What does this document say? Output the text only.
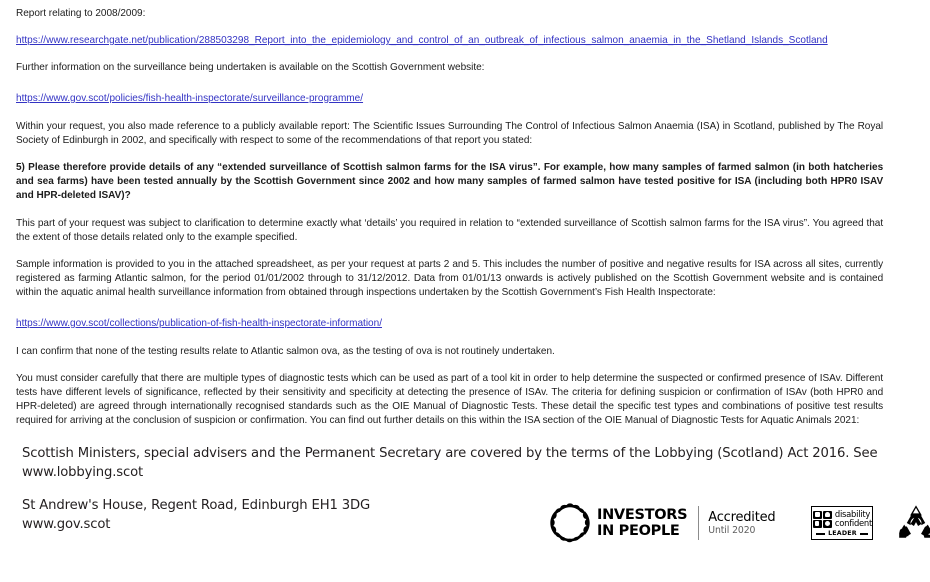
Report relating to 2008/2009:

https://www.researchgate.net/publication/288503298_Report_into_the_epidemiology_and_control_of_an_outbreak_of_infectious_salmon_anaemia_in_the_Shetland_Islands_Scotland

Further information on the surveillance being undertaken is available on the Scottish Government website:

https://www.gov.scot/policies/fish-health-inspectorate/surveillance-programme/

Within your request, you also made reference to a publicly available report: The Scientific Issues Surrounding The Control of Infectious Salmon Anaemia (ISA) in Scotland, published by The Royal Society of Edinburgh in 2002, and specifically with respect to some of the recommendations of that report you stated:

5) Please therefore provide details of any “extended surveillance of Scottish salmon farms for the ISA virus”. For example, how many samples of farmed salmon (in both hatcheries and sea farms) have been tested annually by the Scottish Government since 2002 and how many samples of farmed salmon have tested positive for ISA (including both HPR0 ISAV and HPR-deleted ISAV)?

This part of your request was subject to clarification to determine exactly what ‘details’ you required in relation to “extended surveillance of Scottish salmon farms for the ISA virus”. You agreed that the extent of those details related only to the example specified.

Sample information is provided to you in the attached spreadsheet, as per your request at parts 2 and 5. This includes the number of positive and negative results for ISA across all sites, currently registered as farming Atlantic salmon, for the period 01/01/2002 through to 31/12/2012. Data from 01/01/13 onwards is actively published on the Scottish Government website and is contained within the aquatic animal health surveillance information from obtained through inspections undertaken by the Scottish Government’s Fish Health Inspectorate:

https://www.gov.scot/collections/publication-of-fish-health-inspectorate-information/

I can confirm that none of the testing results relate to Atlantic salmon ova, as the testing of ova is not routinely undertaken.

You must consider carefully that there are multiple types of diagnostic tests which can be used as part of a tool kit in order to help determine the suspected or confirmed presence of ISAv. Different tests have different levels of significance, reflected by their sensitivity and specificity at detecting the presence of ISAv. The criteria for defining suspicion or confirmation of ISAv (both HPR0 and HPR-deleted) are agreed through internationally recognised standards such as the OIE Manual of Diagnostic Tests. These detail the specific test types and combinations of positive test results required for arriving at the conclusion of suspicion or confirmation. You can find out further details on this within the ISA section of the OIE Manual of Diagnostic Tests for Aquatic Animals 2021:

Scottish Ministers, special advisers and the Permanent Secretary are covered by the terms of the Lobbying (Scotland) Act 2016. See www.lobbying.scot
St Andrew's House, Regent Road, Edinburgh EH1 3DG
www.gov.scot
INVESTORS
IN PEOPLE
Accredited
Until 2020
disability
confident
LEADER
